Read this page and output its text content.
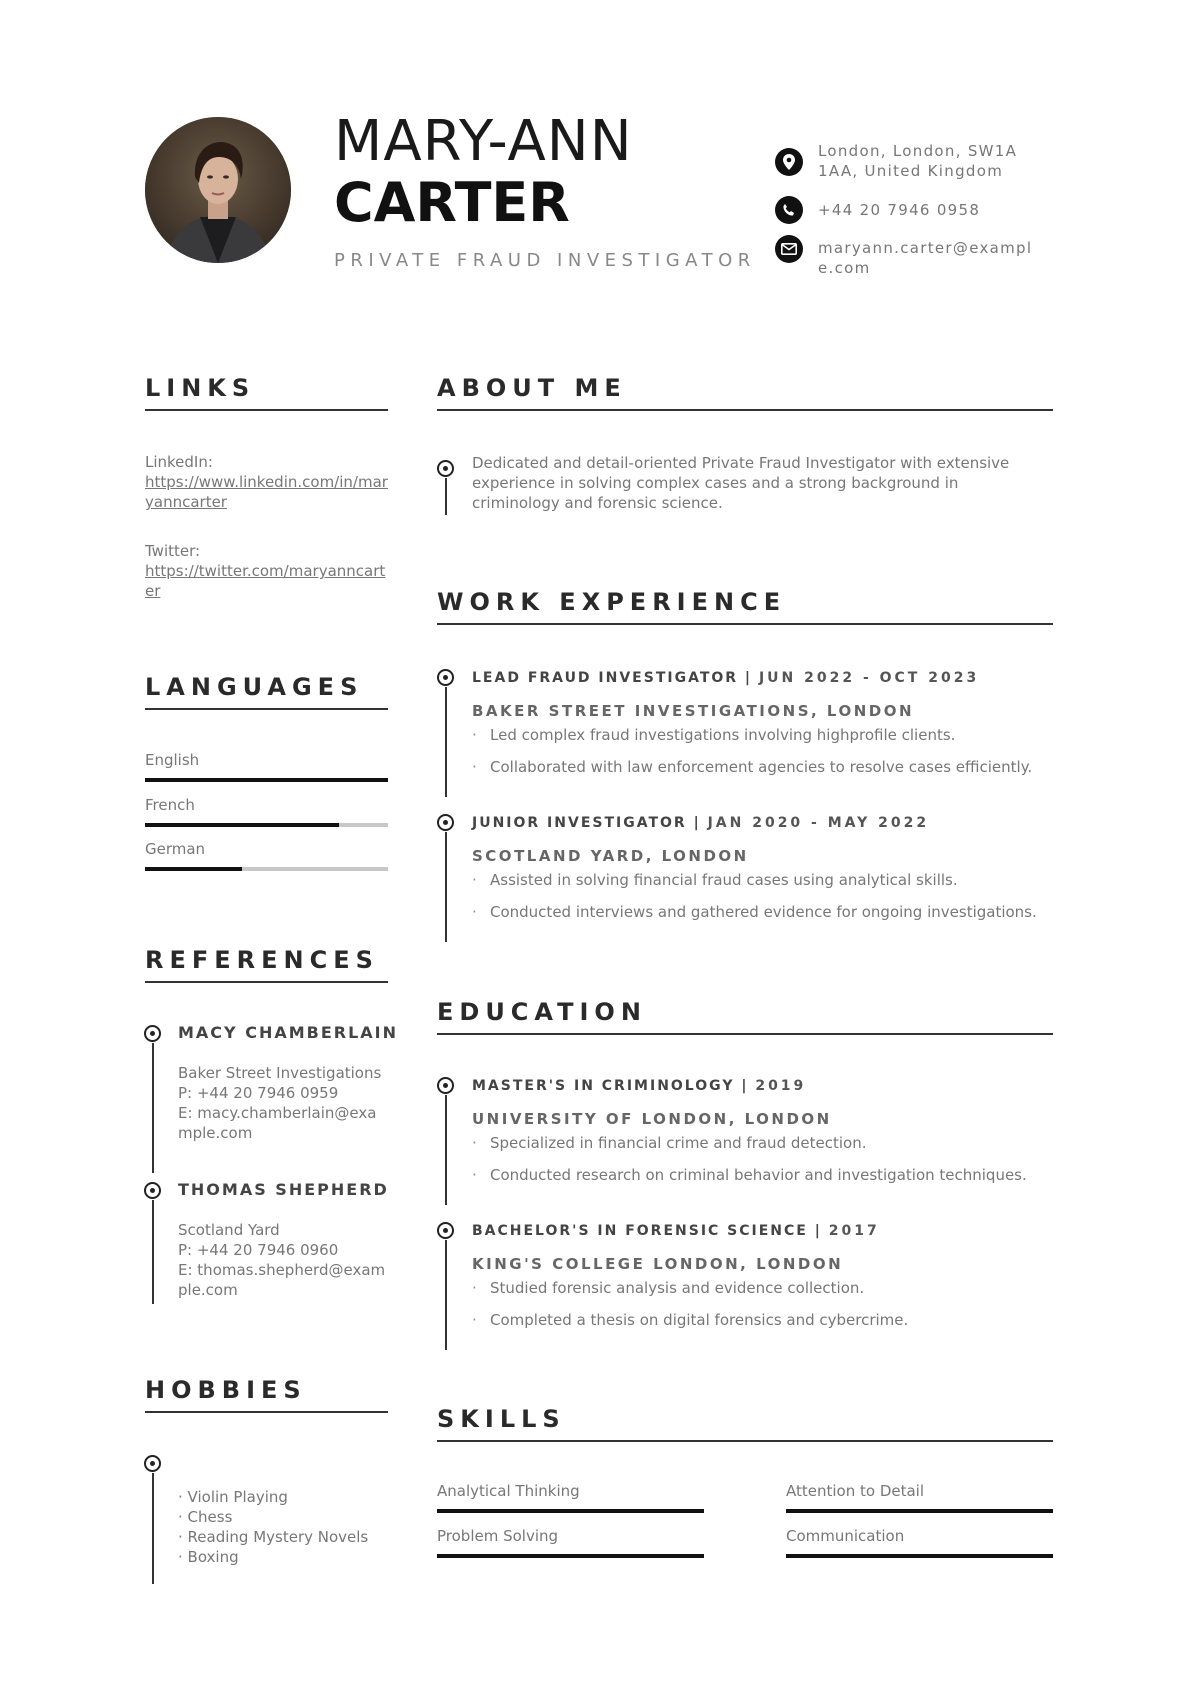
MARY-ANN
CARTER
PRIVATE FRAUD INVESTIGATOR
London, London, SW1A 1AA, United Kingdom
+44 20 7946 0958
maryann.carter@example.com
LINKS
LinkedIn:
https://www.linkedin.com/in/maryanncarter
Twitter:
https://twitter.com/maryanncarter
LANGUAGES
English
French
German
REFERENCES
MACY CHAMBERLAIN
Baker Street Investigations
P: +44 20 7946 0959
E: macy.chamberlain@example.com
THOMAS SHEPHERD
Scotland Yard
P: +44 20 7946 0960
E: thomas.shepherd@example.com
HOBBIES
· Violin Playing
· Chess
· Reading Mystery Novels
· Boxing
ABOUT ME
Dedicated and detail-oriented Private Fraud Investigator with extensive experience in solving complex cases and a strong background in criminology and forensic science.
WORK EXPERIENCE
LEAD FRAUD INVESTIGATOR | JUN 2022 - OCT 2023
BAKER STREET INVESTIGATIONS, LONDON
· Led complex fraud investigations involving highprofile clients.
· Collaborated with law enforcement agencies to resolve cases efficiently.
JUNIOR INVESTIGATOR | JAN 2020 - MAY 2022
SCOTLAND YARD, LONDON
· Assisted in solving financial fraud cases using analytical skills.
· Conducted interviews and gathered evidence for ongoing investigations.
EDUCATION
MASTER'S IN CRIMINOLOGY | 2019
UNIVERSITY OF LONDON, LONDON
· Specialized in financial crime and fraud detection.
· Conducted research on criminal behavior and investigation techniques.
BACHELOR'S IN FORENSIC SCIENCE | 2017
KING'S COLLEGE LONDON, LONDON
· Studied forensic analysis and evidence collection.
· Completed a thesis on digital forensics and cybercrime.
SKILLS
Analytical Thinking	Attention to Detail
Problem Solving	Communication
